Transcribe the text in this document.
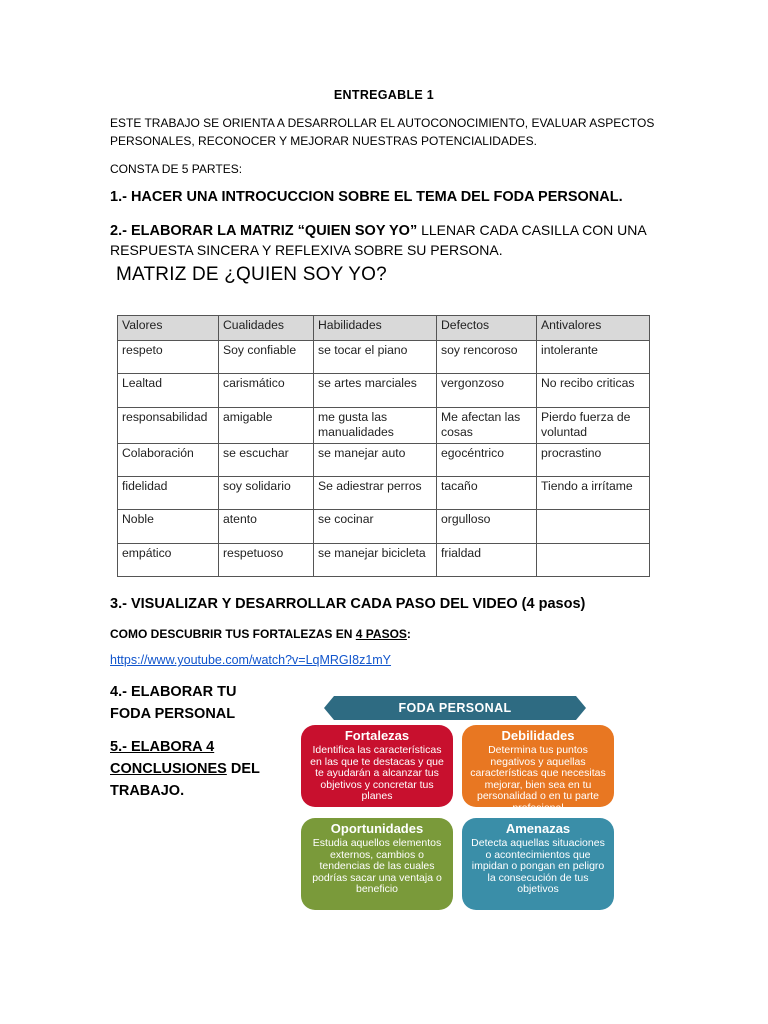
ENTREGABLE 1
ESTE TRABAJO SE ORIENTA A DESARROLLAR EL AUTOCONOCIMIENTO, EVALUAR ASPECTOS PERSONALES, RECONOCER Y MEJORAR NUESTRAS POTENCIALIDADES.
CONSTA DE 5 PARTES:
1.- HACER UNA INTROCUCCION SOBRE EL TEMA DEL FODA PERSONAL.
2.- ELABORAR LA MATRIZ “QUIEN SOY YO” LLENAR CADA CASILLA CON UNA RESPUESTA SINCERA Y REFLEXIVA SOBRE SU PERSONA.
MATRIZ DE ¿QUIEN SOY YO?
Valores	Cualidades	Habilidades	Defectos	Antivalores
respeto	Soy confiable	se tocar el piano	soy rencoroso	intolerante
Lealtad	carismático	se artes marciales	vergonzoso	No recibo criticas
responsabilidad	amigable	me gusta las manualidades	Me afectan las cosas	Pierdo fuerza de voluntad
Colaboración	se escuchar	se manejar auto	egocéntrico	procrastino
fidelidad	soy solidario	Se adiestrar perros	tacaño	Tiendo a irrítame
Noble	atento	se cocinar	orgulloso	
empático	respetuoso	se manejar bicicleta	frialdad	
3.- VISUALIZAR Y DESARROLLAR CADA PASO DEL VIDEO (4 pasos)
COMO DESCUBRIR TUS FORTALEZAS EN 4 PASOS:
https://www.youtube.com/watch?v=LqMRGI8z1mY
4.- ELABORAR TU
FODA PERSONAL
5.- ELABORA 4
CONCLUSIONES DEL
TRABAJO.
FODA PERSONAL
Fortalezas
Identifica las características en las que te destacas y que te ayudarán a alcanzar tus objetivos y concretar tus planes
Debilidades
Determina tus puntos negativos y aquellas características que necesitas mejorar, bien sea en tu personalidad o en tu parte profesional
Oportunidades
Estudia aquellos elementos externos, cambios o tendencias de las cuales podrías sacar una ventaja o beneficio
Amenazas
Detecta aquellas situaciones o acontecimientos que impidan o pongan en peligro la consecución de tus objetivos
